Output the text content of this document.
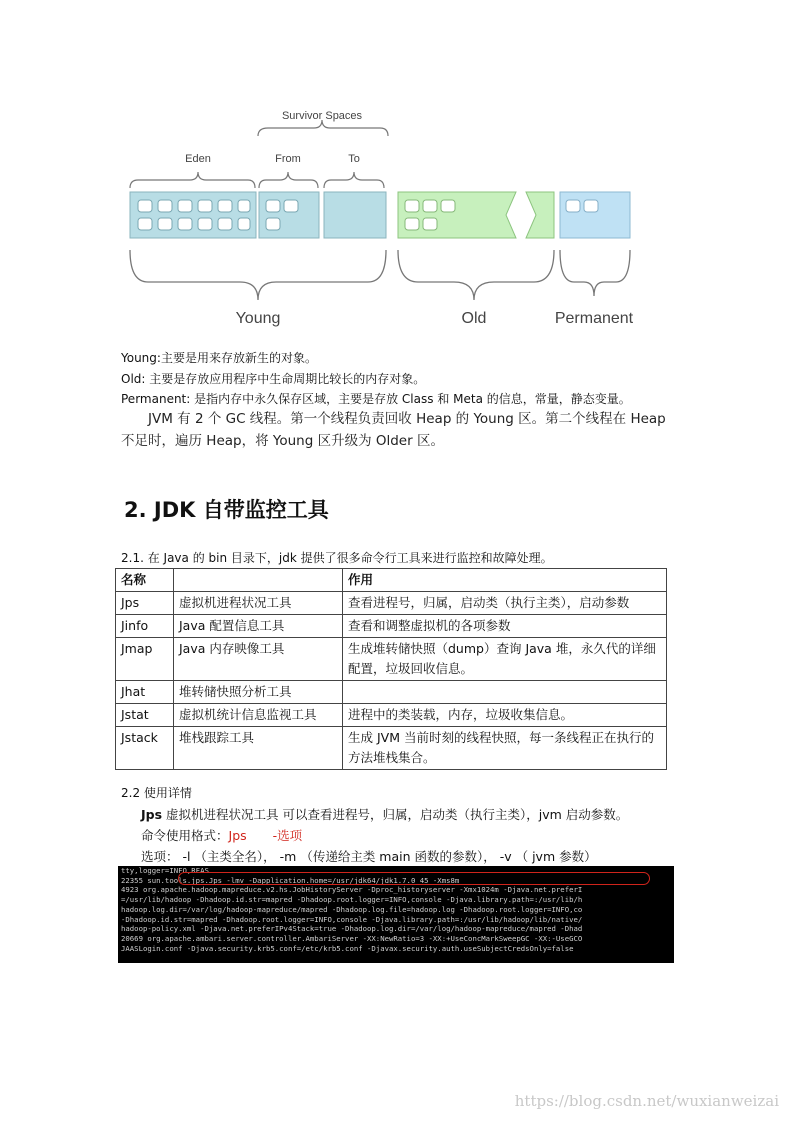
Survivor Spaces
Eden	From	To
Young	Old	Permanent
Young:主要是用来存放新生的对象。
Old: 主要是存放应用程序中生命周期比较长的内存对象。
Permanent: 是指内存中永久保存区域，主要是存放 Class 和 Meta 的信息，常量，静态变量。
JVM 有 2 个 GC 线程。第一个线程负责回收 Heap 的 Young 区。第二个线程在 Heap
不足时，遍历 Heap，将 Young 区升级为 Older 区。
2. JDK 自带监控工具
2.1. 在 Java 的 bin 目录下，jdk 提供了很多命令行工具来进行监控和故障处理。
名称		作用
Jps	虚拟机进程状况工具	查看进程号，归属，启动类（执行主类），启动参数
Jinfo	Java 配置信息工具	查看和调整虚拟机的各项参数
Jmap	Java 内存映像工具	生成堆转储快照（dump）查询 Java 堆，永久代的详细配置，垃圾回收信息。
Jhat	堆转储快照分析工具	
Jstat	虚拟机统计信息监视工具	进程中的类装载，内存，垃圾收集信息。
Jstack	堆栈跟踪工具	生成 JVM 当前时刻的线程快照，每一条线程正在执行的方法堆栈集合。
2.2 使用详情
Jps 虚拟机进程状况工具 可以查看进程号，归属，启动类（执行主类），jvm 启动参数。
命令使用格式：Jps -选项
选项： -l （主类全名）， -m （传递给主类 main 函数的参数）， -v （ jvm 参数）
tty,logger=INFO,RFAS
22355 sun.tools.jps.Jps -lmv -Dapplication.home=/usr/jdk64/jdk1.7.0_45 -Xms8m
4923 org.apache.hadoop.mapreduce.v2.hs.JobHistoryServer -Dproc_historyserver -Xmx1024m -Djava.net.preferI
=/usr/lib/hadoop -Dhadoop.id.str=mapred -Dhadoop.root.logger=INFO,console -Djava.library.path=:/usr/lib/h
hadoop.log.dir=/var/log/hadoop-mapreduce/mapred -Dhadoop.log.file=hadoop.log -Dhadoop.root.logger=INFO,co
-Dhadoop.id.str=mapred -Dhadoop.root.logger=INFO,console -Djava.library.path=:/usr/lib/hadoop/lib/native/
hadoop-policy.xml -Djava.net.preferIPv4Stack=true -Dhadoop.log.dir=/var/log/hadoop-mapreduce/mapred -Dhad
20669 org.apache.ambari.server.controller.AmbariServer -XX:NewRatio=3 -XX:+UseConcMarkSweepGC -XX:-UseGCO
JAASLogin.conf -Djava.security.krb5.conf=/etc/krb5.conf -Djavax.security.auth.useSubjectCredsOnly=false
https://blog.csdn.net/wuxianweizai
